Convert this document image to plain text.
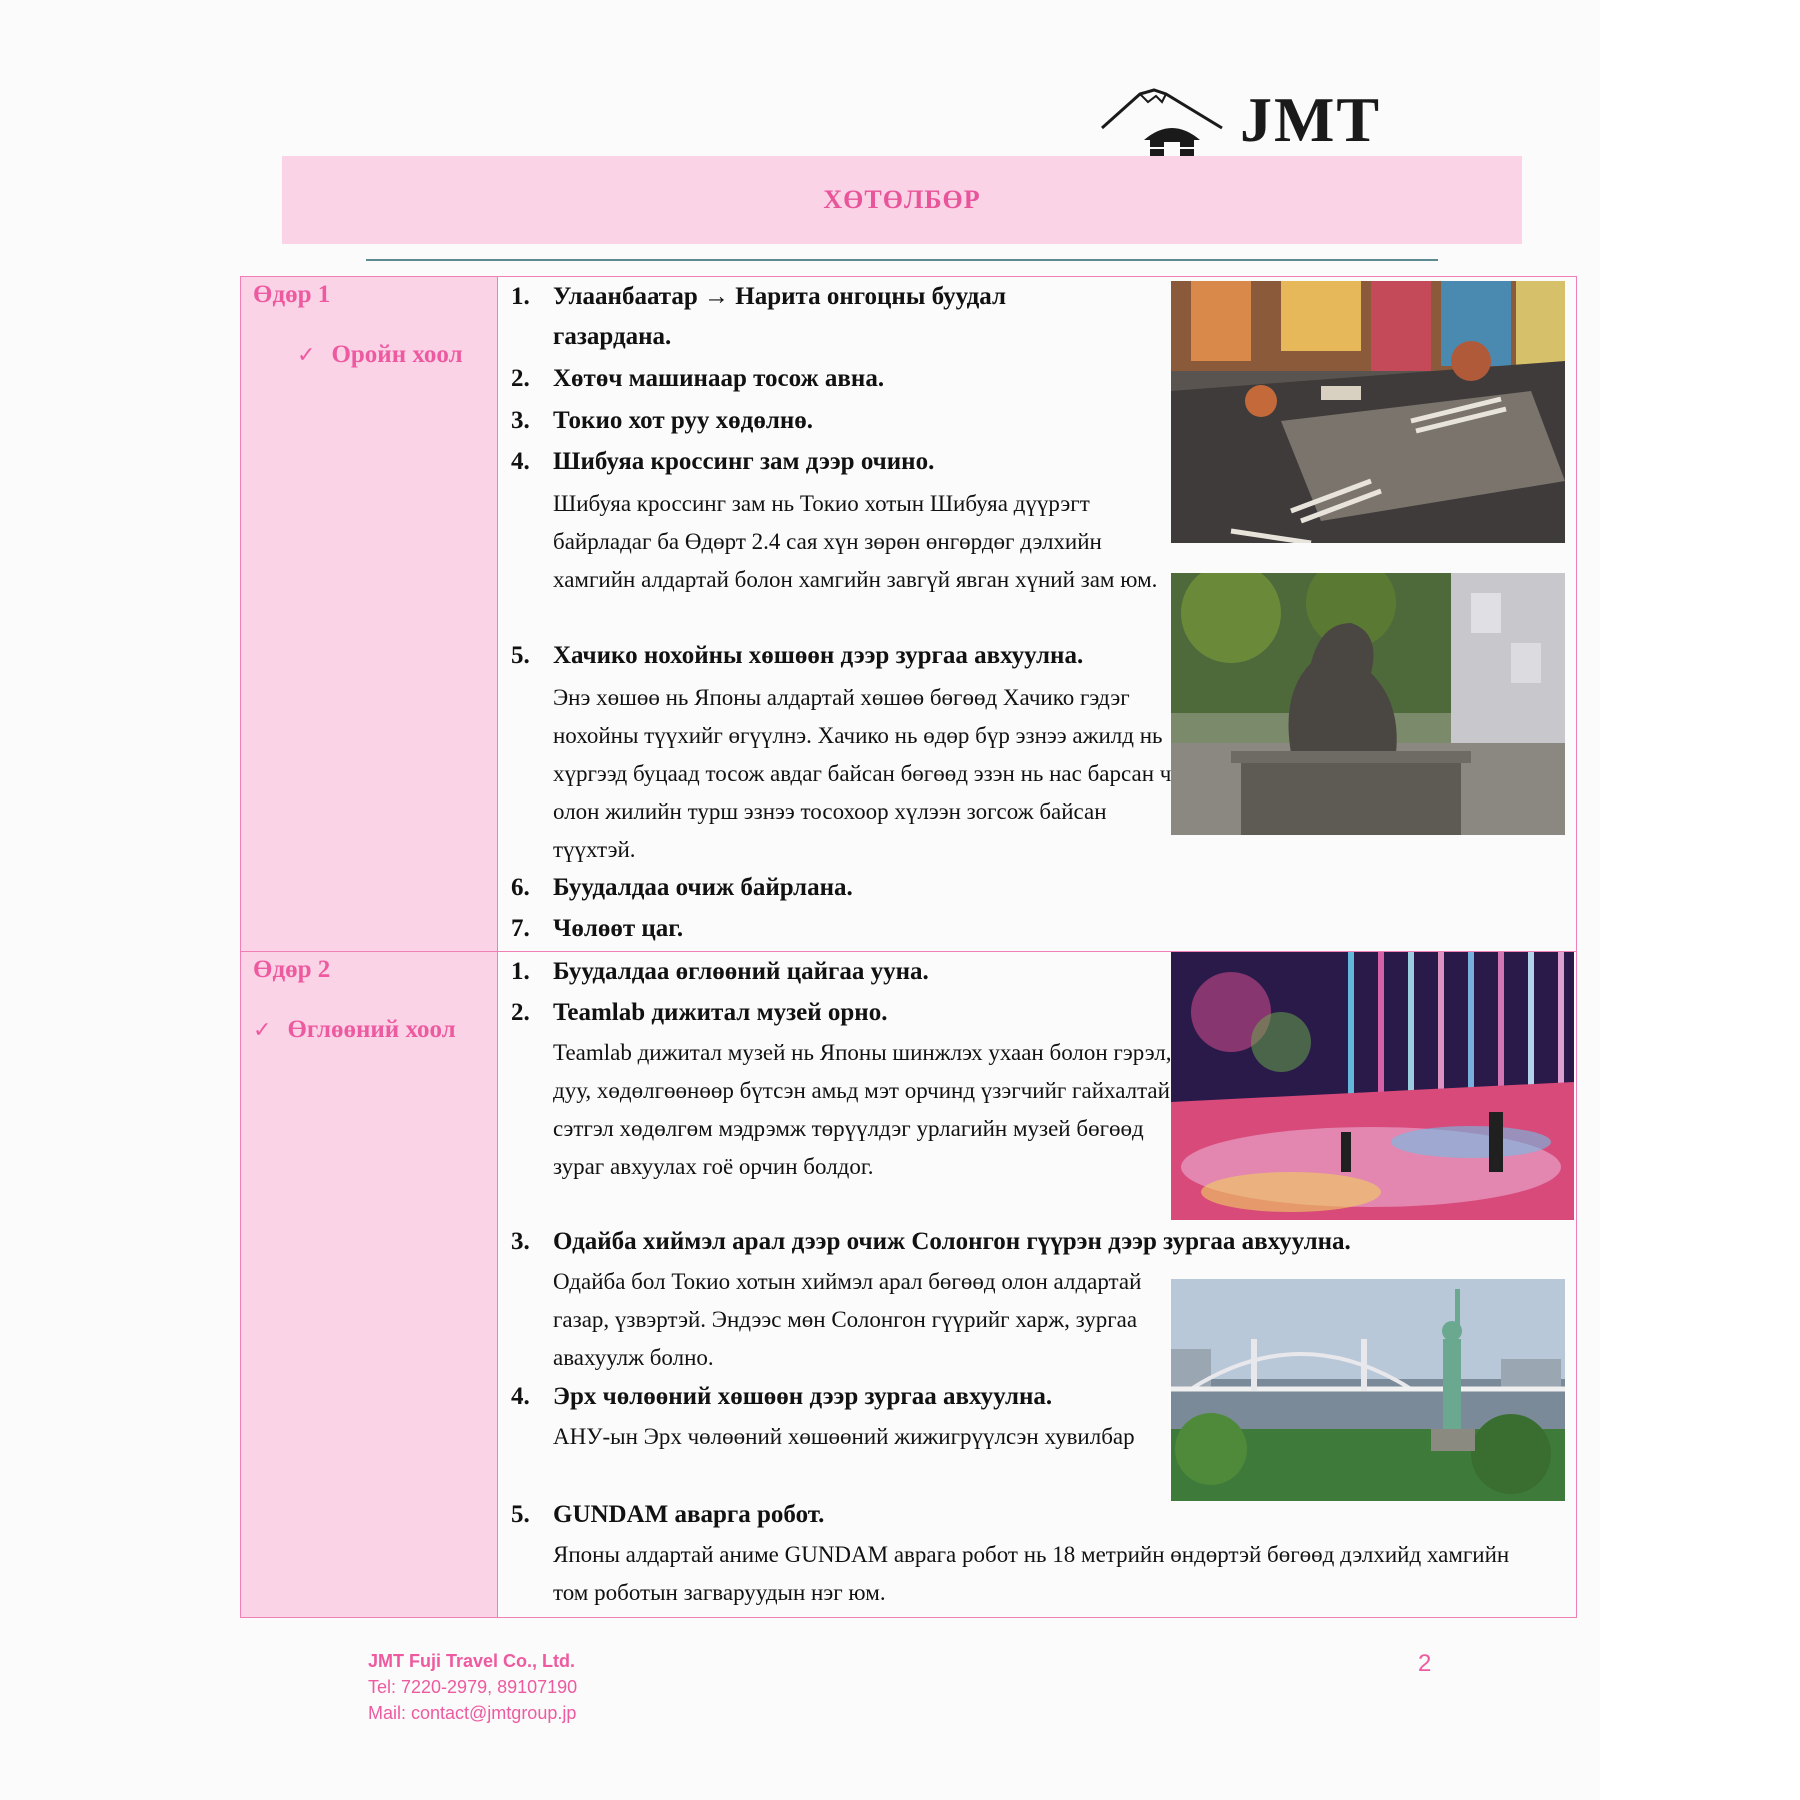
JMT
ХӨТӨЛБӨР
Өдөр 1
✓ Оройн хоол
1. Улаанбаатар → Нарита онгоцны буудал
газардана.
2. Хөтөч машинаар тосож авна.
3. Токио хот руу хөдөлнө.
4. Шибуяа кроссинг зам дээр очино.
Шибуяа кроссинг зам нь Токио хотын Шибуяа дүүрэгт байрладаг ба Өдөрт 2.4 сая хүн зөрөн өнгөрдөг дэлхийн хамгийн алдартай болон хамгийн завгүй явган хүний зам юм.
5. Хачико нохойны хөшөөн дээр зургаа авхуулна.
Энэ хөшөө нь Японы алдартай хөшөө бөгөөд Хачико гэдэг нохойны түүхийг өгүүлнэ. Хачико нь өдөр бүр эзнээ ажилд нь хүргээд буцаад тосож авдаг байсан бөгөөд эзэн нь нас барсан ч олон жилийн турш эзнээ тосохоор хүлээн зогсож байсан түүхтэй.
6. Буудалдаа очиж байрлана.
7. Чөлөөт цаг.
Өдөр 2
✓ Өглөөний хоол
1. Буудалдаа өглөөний цайгаа ууна.
2. Teamlab дижитал музей орно.
Teamlab дижитал музей нь Японы шинжлэх ухаан болон гэрэл, дуу, хөдөлгөөнөөр бүтсэн амьд мэт орчинд үзэгчийг гайхалтай сэтгэл хөдөлгөм мэдрэмж төрүүлдэг урлагийн музей бөгөөд зураг авхуулах гоё орчин болдог.
3. Одайба хиймэл арал дээр очиж Солонгон гүүрэн дээр зургаа авхуулна.
Одайба бол Токио хотын хиймэл арал бөгөөд олон алдартай газар, үзвэртэй. Эндээс мөн Солонгон гүүрийг харж, зургаа авахуулж болно.
4. Эрх чөлөөний хөшөөн дээр зургаа авхуулна.
АНУ-ын Эрх чөлөөний хөшөөний жижигрүүлсэн хувилбар
5. GUNDAM аварга робот.
Японы алдартай аниме GUNDAM аврага робот нь 18 метрийн өндөртэй бөгөөд дэлхийд хамгийн том роботын загваруудын нэг юм.
JMT Fuji Travel Co., Ltd.
Tel: 7220-2979, 89107190
Mail: contact@jmtgroup.jp
2
